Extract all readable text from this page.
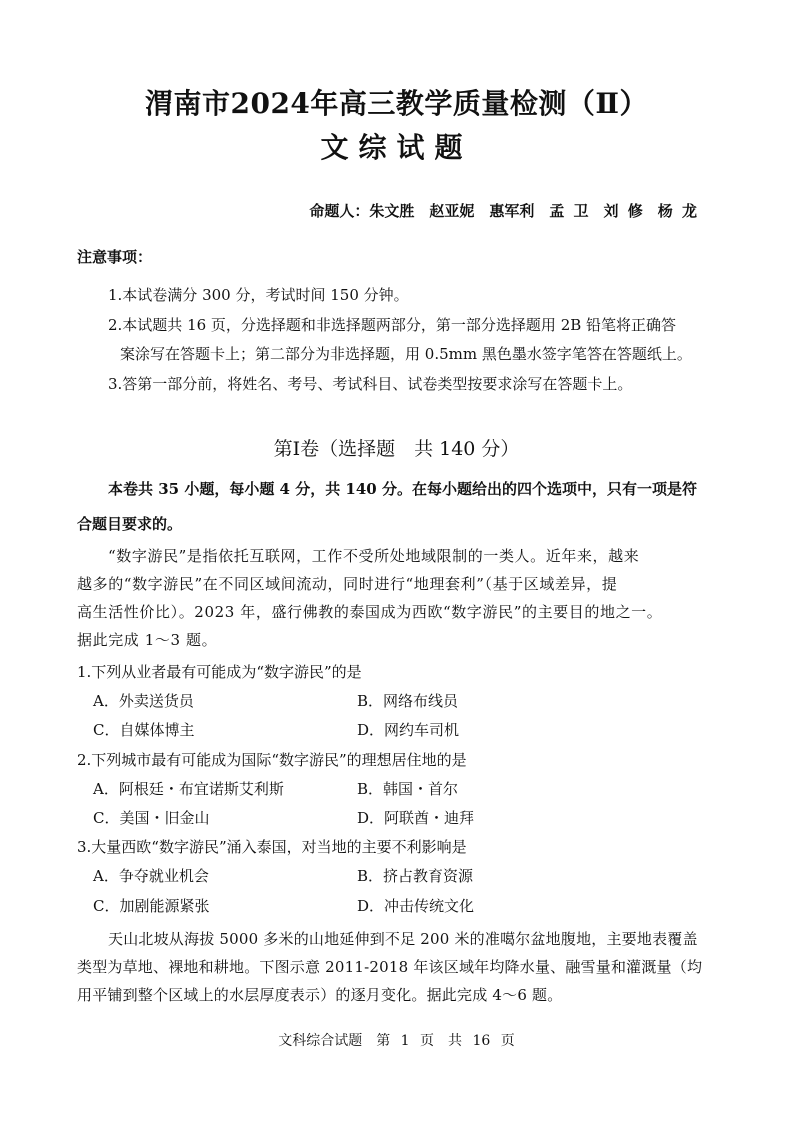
渭南市2024年高三教学质量检测（Ⅱ）
文综试题
命题人：朱文胜　赵亚妮　惠军利　孟 卫　刘 修　杨 龙
注意事项：
1.本试卷满分 300 分，考试时间 150 分钟。
2.本试题共 16 页，分选择题和非选择题两部分，第一部分选择题用 2B 铅笔将正确答
案涂写在答题卡上；第二部分为非选择题，用 0.5mm 黑色墨水签字笔答在答题纸上。
3.答第一部分前，将姓名、考号、考试科目、试卷类型按要求涂写在答题卡上。
第Ⅰ卷（选择题　共 140 分）
本卷共 35 小题，每小题 4 分，共 140 分。在每小题给出的四个选项中，只有一项是符
合题目要求的。
“数字游民”是指依托互联网，工作不受所处地域限制的一类人。近年来，越来
越多的“数字游民”在不同区域间流动，同时进行“地理套利”（基于区域差异，提
高生活性价比）。2023 年，盛行佛教的泰国成为西欧“数字游民”的主要目的地之一。
据此完成 1～3 题。
1.下列从业者最有可能成为“数字游民”的是
A．外卖送货员	B．网络布线员
C．自媒体博主	D．网约车司机
2.下列城市最有可能成为国际“数字游民”的理想居住地的是
A．阿根廷・布宜诺斯艾利斯	B．韩国・首尔
C．美国・旧金山	D．阿联酋・迪拜
3.大量西欧“数字游民”涌入泰国，对当地的主要不利影响是
A．争夺就业机会	B．挤占教育资源
C．加剧能源紧张	D．冲击传统文化
天山北坡从海拔 5000 多米的山地延伸到不足 200 米的准噶尔盆地腹地，主要地表覆盖
类型为草地、裸地和耕地。下图示意 2011-2018 年该区域年均降水量、融雪量和灌溉量（均
用平铺到整个区域上的水层厚度表示）的逐月变化。据此完成 4～6 题。
文科综合试题　第 1 页　共 16 页
